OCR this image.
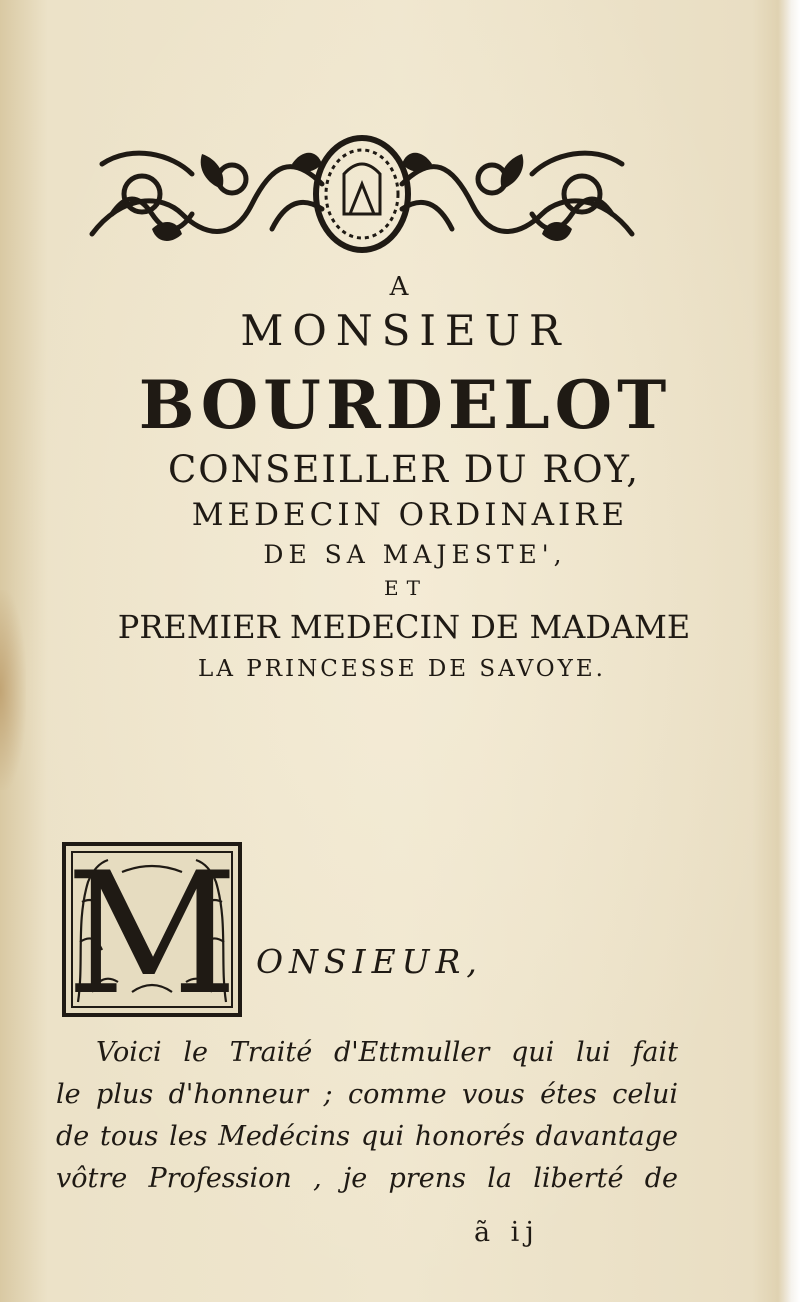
A
MONSIEUR
BOURDELOT
CONSEILLER DU ROY,
MEDECIN ORDINAIRE
DE SA MAJESTE',
ET
PREMIER MEDECIN DE MADAME
LA PRINCESSE DE SAVOYE.
M ONSIEUR,

Voici le Traité d'Ettmuller qui lui fait

le plus d'honneur ; comme vous étes celui

de tous les Medécins qui honorés davantage

vôtre Profession , je prens la liberté de

ã ij
